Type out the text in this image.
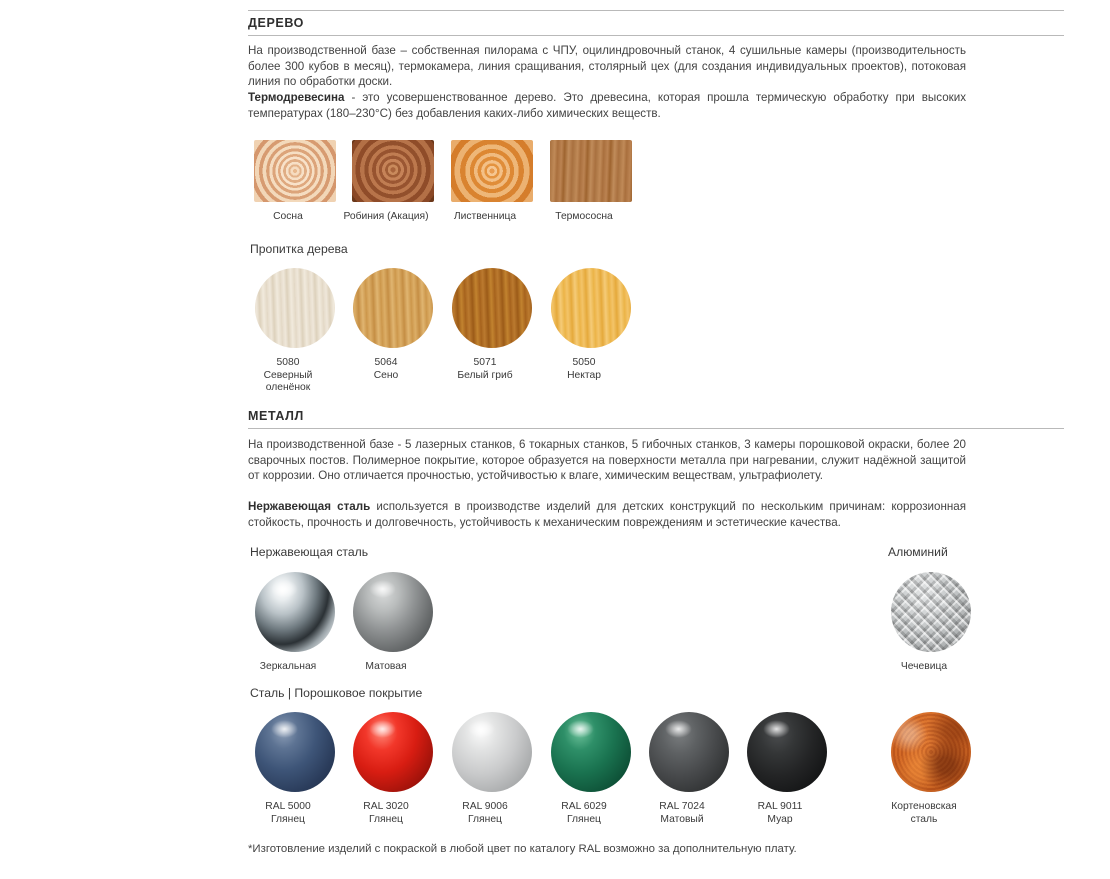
ДЕРЕВО
На производственной базе – собственная пилорама с ЧПУ, оцилиндровочный станок, 4 сушильные камеры (производительность более 300 кубов в месяц), термокамера, линия сращивания, столярный цех (для создания индивидуальных проектов), потоковая линия по обработки доски.
Термодревесина - это усовершенствованное дерево. Это древесина, которая прошла термическую обработку при высоких температурах (180–230°C) без добавления каких-либо химических веществ.
Сосна	Робиния (Акация)	Лиственница	Термососна
Пропитка дерева
5080
Северный
оленёнок
5064
Сено
5071
Белый гриб
5050
Нектар
МЕТАЛЛ
На производственной базе - 5 лазерных станков, 6 токарных станков, 5 гибочных станков, 3 камеры порошковой окраски, более 20 сварочных постов. Полимерное покрытие, которое образуется на поверхности металла при нагревании, служит надёжной защитой от коррозии. Оно отличается прочностью, устойчивостью к влаге, химическим веществам, ультрафиолету.
Нержавеющая сталь используется в производстве изделий для детских конструкций по нескольким причинам: коррозионная стойкость, прочность и долговечность, устойчивость к механическим повреждениям и эстетические качества.
Нержавеющая сталь	Алюминий
Зеркальная	Матовая	Чечевица
Сталь | Порошковое покрытие
RAL 5000
Глянец
RAL 3020
Глянец
RAL 9006
Глянец
RAL 6029
Глянец
RAL 7024
Матовый
RAL 9011
Муар
Кортеновская
сталь
*Изготовление изделий с покраской в любой цвет по каталогу RAL возможно за дополнительную плату.
